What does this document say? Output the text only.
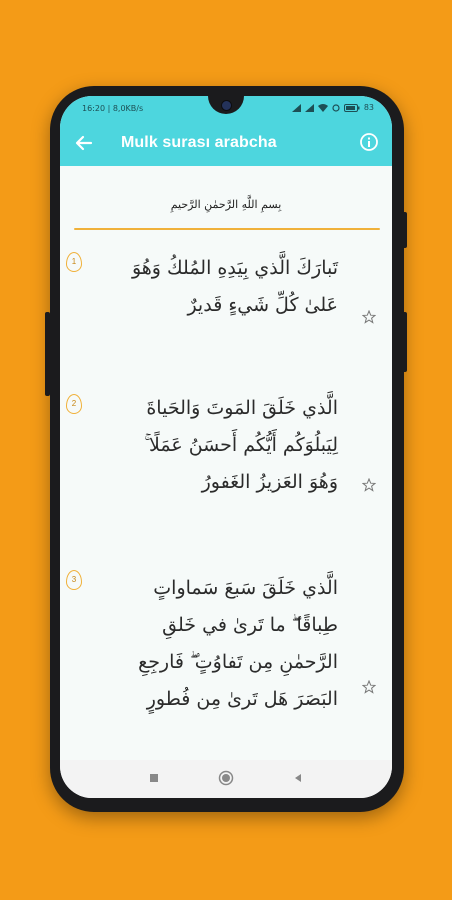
16:20 | 8,0KB/s	83
Mulk surası arabcha
بِسمِ اللَّهِ الرَّحمٰنِ الرَّحيمِ
1	تَبارَكَ الَّذي بِيَدِهِ المُلكُ وَهُوَ
عَلىٰ كُلِّ شَيءٍ قَديرٌ
2	الَّذي خَلَقَ المَوتَ وَالحَياةَ
لِيَبلُوَكُم أَيُّكُم أَحسَنُ عَمَلًا ۚ
وَهُوَ العَزيزُ الغَفورُ
3	الَّذي خَلَقَ سَبعَ سَماواتٍ
طِباقًا ۖ ما تَرىٰ في خَلقِ
الرَّحمٰنِ مِن تَفاوُتٍ ۖ فَارجِعِ
البَصَرَ هَل تَرىٰ مِن فُطورٍ
